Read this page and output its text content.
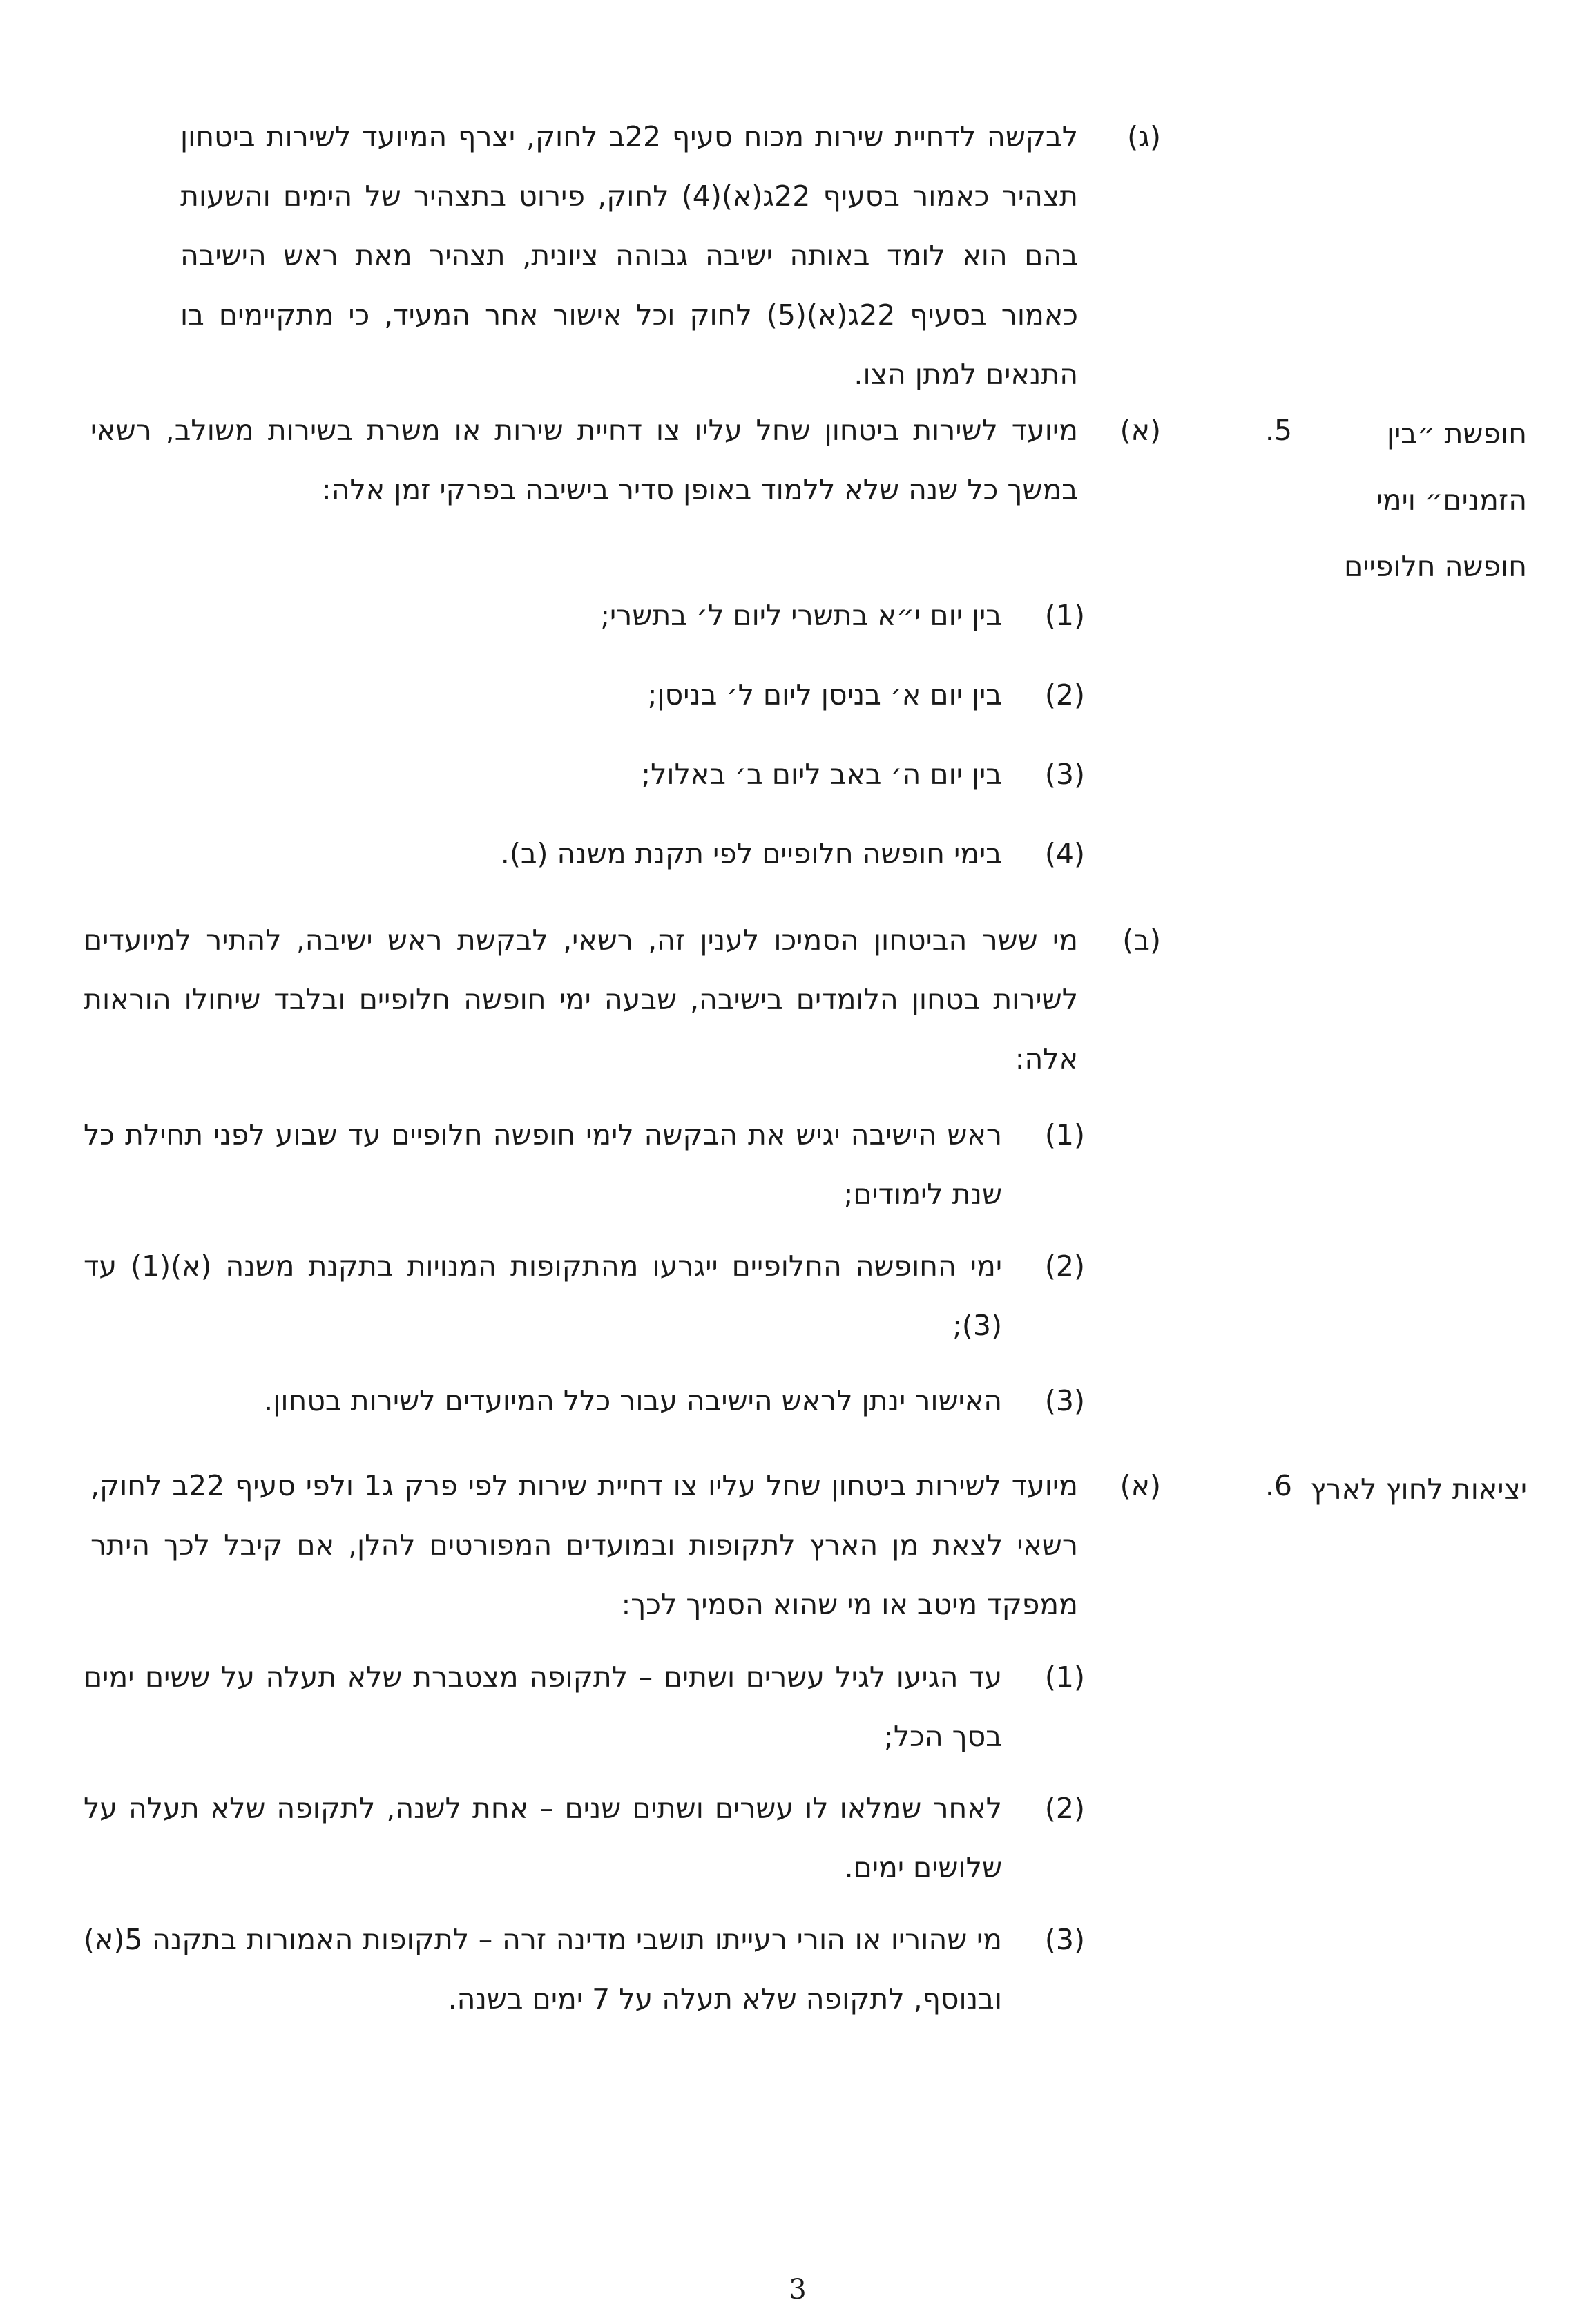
(ג)
לבקשה לדחיית שירות מכוח סעיף 22ב לחוק, יצרף המיועד לשירות ביטחון תצהיר כאמור בסעיף 22ג(א)(4) לחוק, פירוט בתצהיר של הימים והשעות בהם הוא לומד באותה ישיבה גבוהה ציונית, תצהיר מאת ראש הישיבה כאמור בסעיף 22ג(א)(5) לחוק וכל אישור אחר המעיד, כי מתקיימים בו התנאים למתן הצו.
חופשת ״בין הזמנים״ וימי חופשה חלופיים
5.
(א)
מיועד לשירות ביטחון שחל עליו צו דחיית שירות או משרת בשירות משולב, רשאי במשך כל שנה שלא ללמוד באופן סדיר בישיבה בפרקי זמן אלה:
(1)
בין יום י״א בתשרי ליום ל׳ בתשרי;
(2)
בין יום א׳ בניסן ליום ל׳ בניסן;
(3)
בין יום ה׳ באב ליום ב׳ באלול;
(4)
בימי חופשה חלופיים לפי תקנת משנה (ב).
(ב)
מי ששר הביטחון הסמיכו לענין זה, רשאי, לבקשת ראש ישיבה, להתיר למיועדים לשירות בטחון הלומדים בישיבה, שבעה ימי חופשה חלופיים ובלבד שיחולו הוראות אלה:
(1)
ראש הישיבה יגיש את הבקשה לימי חופשה חלופיים עד שבוע לפני תחילת כל שנת לימודים;
(2)
ימי החופשה החלופיים ייגרעו מהתקופות המנויות בתקנת משנה (א)(1) עד (3);
(3)
האישור ינתן לראש הישיבה עבור כלל המיועדים לשירות בטחון.
יציאות לחוץ לארץ
6.
(א)
מיועד לשירות ביטחון שחל עליו צו דחיית שירות לפי פרק ג1 ולפי סעיף 22ב לחוק, רשאי לצאת מן הארץ לתקופות ובמועדים המפורטים להלן, אם קיבל לכך היתר ממפקד מיטב או מי שהוא הסמיך לכך:
(1)
עד הגיעו לגיל עשרים ושתים – לתקופה מצטברת שלא תעלה על ששים ימים בסך הכל;
(2)
לאחר שמלאו לו עשרים ושתים שנים – אחת לשנה, לתקופה שלא תעלה על שלושים ימים.
(3)
מי שהוריו או הורי רעייתו תושבי מדינה זרה – לתקופות האמורות בתקנה 5(א) ובנוסף, לתקופה שלא תעלה על 7 ימים בשנה.
3
